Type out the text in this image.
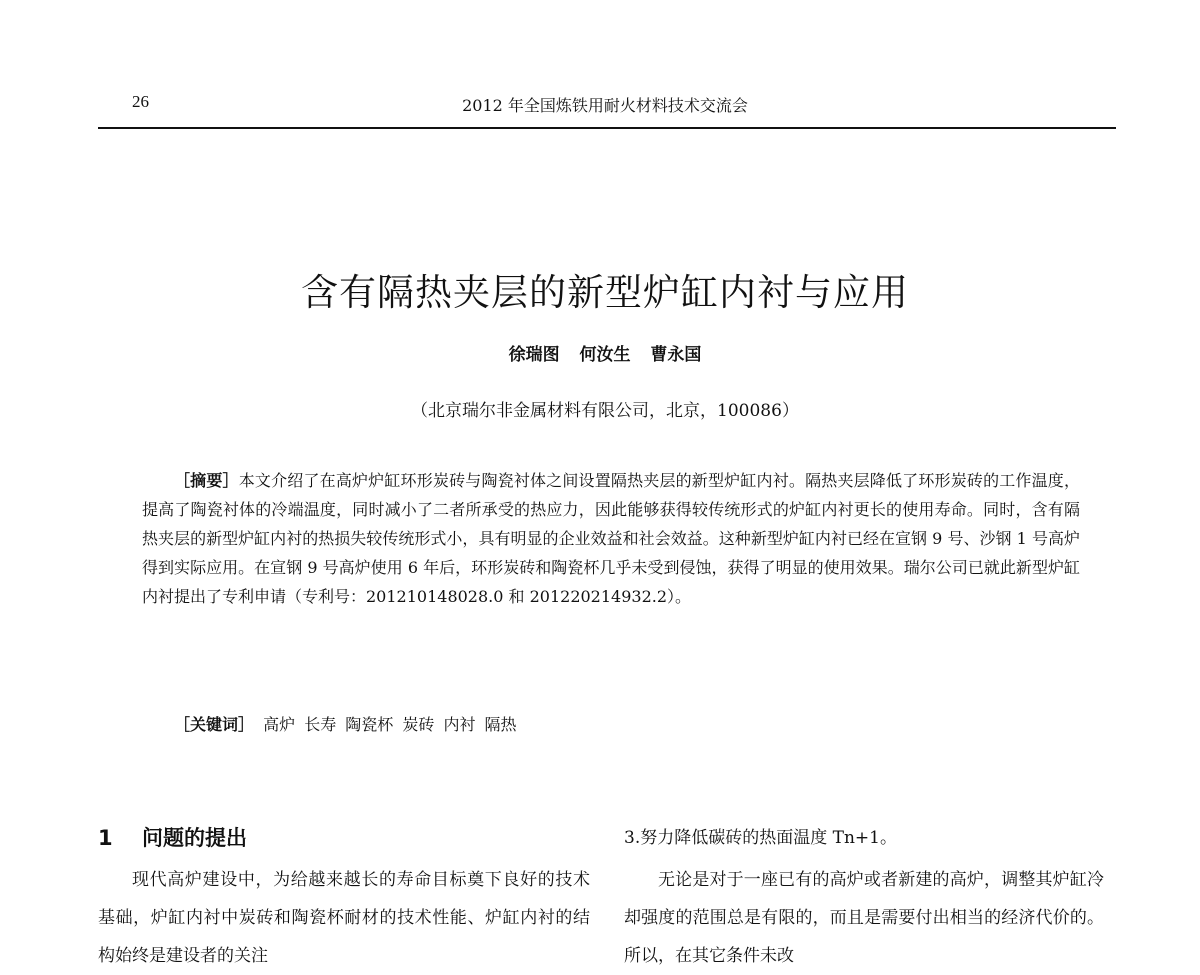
26	2012 年全国炼铁用耐火材料技术交流会
含有隔热夹层的新型炉缸内衬与应用
徐瑞图 何汝生 曹永国
（北京瑞尔非金属材料有限公司，北京，100086）
［摘要］本文介绍了在高炉炉缸环形炭砖与陶瓷衬体之间设置隔热夹层的新型炉缸内衬。隔热夹层降低了环形炭砖的工作温度，提高了陶瓷衬体的冷端温度，同时减小了二者所承受的热应力，因此能够获得较传统形式的炉缸内衬更长的使用寿命。同时，含有隔热夹层的新型炉缸内衬的热损失较传统形式小，具有明显的企业效益和社会效益。这种新型炉缸内衬已经在宣钢 9 号、沙钢 1 号高炉得到实际应用。在宣钢 9 号高炉使用 6 年后，环形炭砖和陶瓷杯几乎未受到侵蚀，获得了明显的使用效果。瑞尔公司已就此新型炉缸内衬提出了专利申请（专利号：201210148028.0 和 201220214932.2）。
［关键词］ 高炉 长寿 陶瓷杯 炭砖 内衬 隔热
1 问题的提出
现代高炉建设中，为给越来越长的寿命目标奠下良好的技术基础，炉缸内衬中炭砖和陶瓷杯耐材的技术性能、炉缸内衬的结构始终是建设者的关注
3.努力降低碳砖的热面温度 Tn+1。
无论是对于一座已有的高炉或者新建的高炉，调整其炉缸冷却强度的范围总是有限的，而且是需要付出相当的经济代价的。所以，在其它条件未改
